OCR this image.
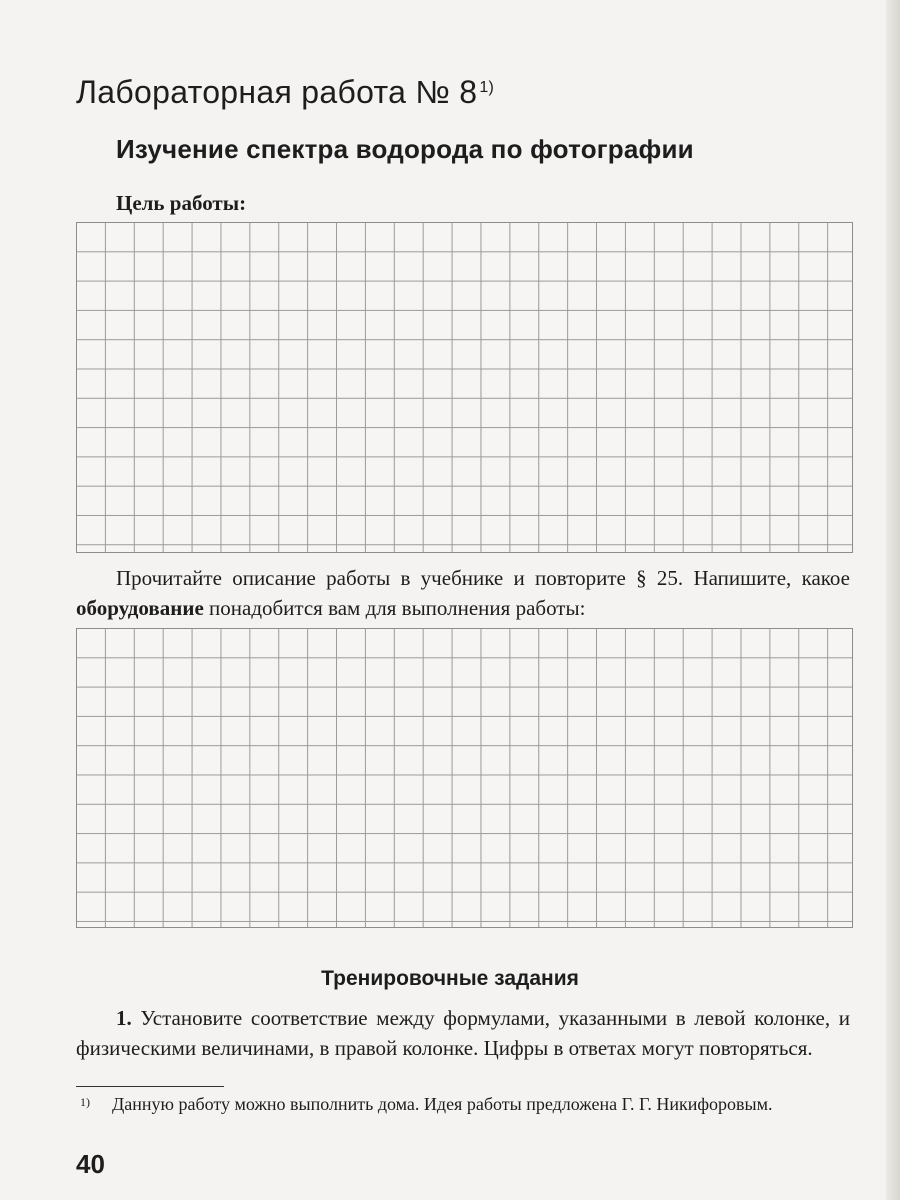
Лабораторная работа № 8 $^{1)}$
Изучение спектра водорода по фотографии
Цель работы:

Прочитайте описание работы в учебнике и повторите § 25. Напишите, какое оборудование понадобится вам для выполнения работы:

Тренировочные задания

1. Установите соответствие между формулами, указанными в левой колонке, и физическими величинами, в правой колонке. Цифры в ответах могут повторяться.

1) Данную работу можно выполнить дома. Идея работы предложена Г. Г. Никифоровым.

40
